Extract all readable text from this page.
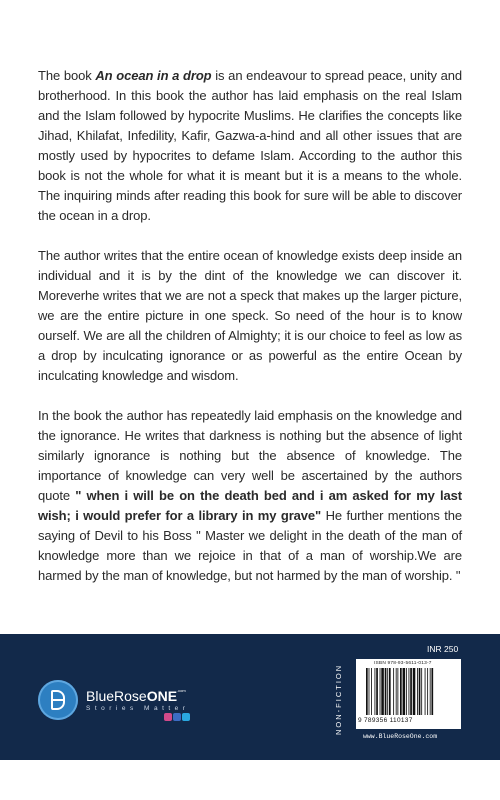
The book An ocean in a drop is an endeavour to spread peace, unity and brotherhood. In this book the author has laid emphasis on the real Islam and the Islam followed by hypocrite Muslims. He clarifies the concepts like Jihad, Khilafat, Infedility, Kafir, Gazwa-a-hind and all other issues that are mostly used by hypocrites to defame Islam. According to the author this book is not the whole for what it is meant but it is a means to the whole. The inquiring minds after reading this book for sure will be able to discover the ocean in a drop.

The author writes that the entire ocean of knowledge exists deep inside an individual and it is by the dint of the knowledge we can discover it. Moreverhe writes that we are not a speck that makes up the larger picture, we are the entire picture in one speck. So need of the hour is to know ourself. We are all the children of Almighty; it is our choice to feel as low as a drop by inculcating ignorance or as powerful as the entire Ocean by inculcating knowledge and wisdom.

In the book the author has repeatedly laid emphasis on the knowledge and the ignorance. He writes that darkness is nothing but the absence of light similarly ignorance is nothing but the absence of knowledge. The importance of knowledge can very well be ascertained by the authors quote " when i will be on the death bed and i am asked for my last wish; i would prefer for a library in my grave" He further mentions the saying of Devil to his Boss " Master we delight in the death of the man of knowledge more than we rejoice in that of a man of worship.We are harmed by the man of knowledge, but not harmed by the man of worship. "

BlueRoseONE$^{.com}$
Stories Matter	NON-FICTION
INR 250
ISBN 978-93-5611-013-7
9 789356 110137
www.BlueRoseOne.com
